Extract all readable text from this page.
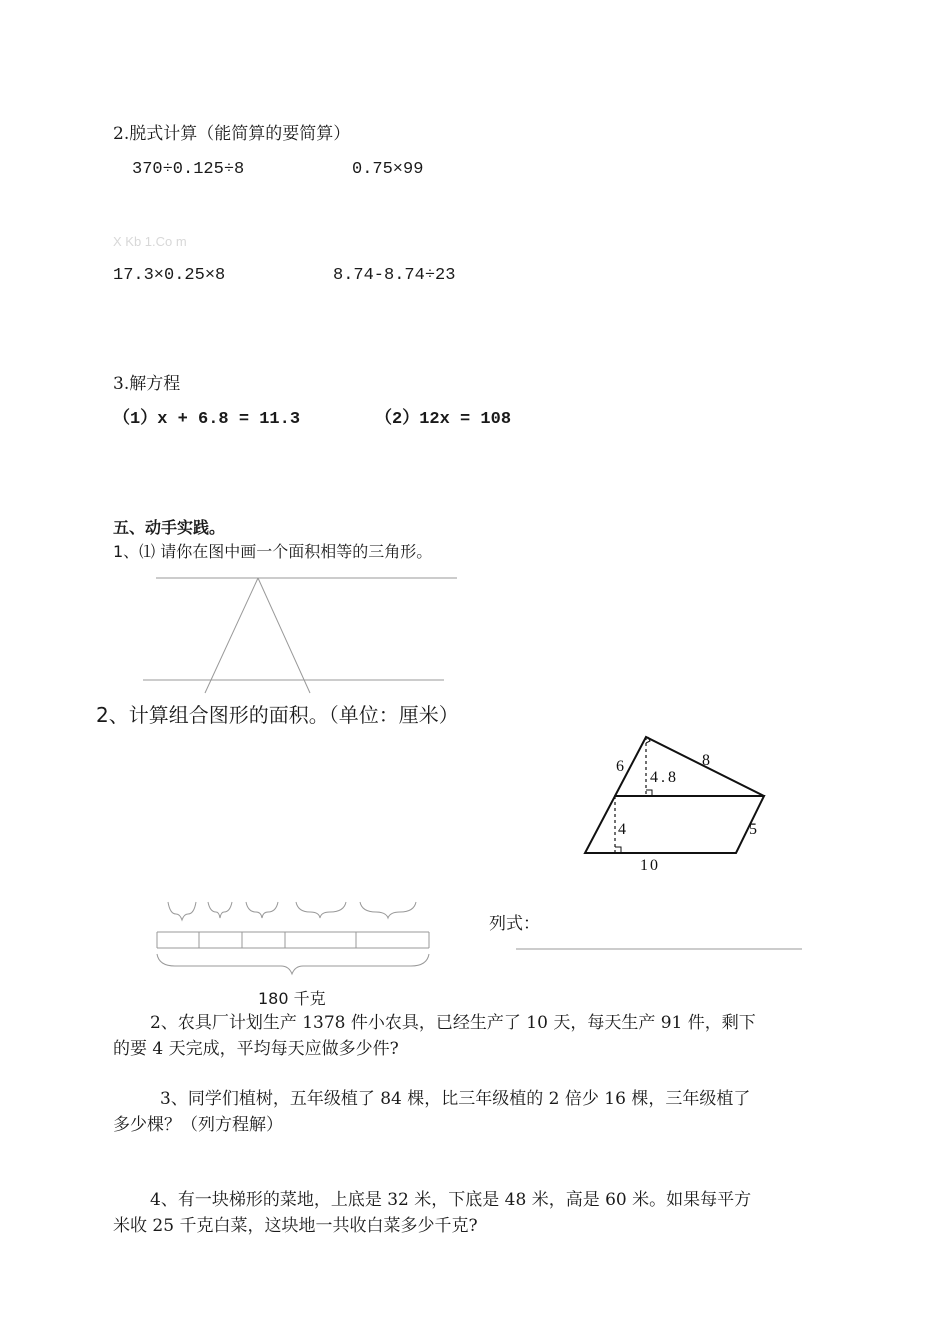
2.脱式计算（能简算的要简算）
370÷0.125÷8	0.75×99
X Kb 1.Co m
17.3×0.25×8	8.74-8.74÷23
3.解方程
（1）x + 6.8 = 11.3	（2）12x = 108
五、动手实践。
1、⑴ 请你在图中画一个面积相等的三角形。
6	8
4.8
4	5
10
2、计算组合图形的面积。（单位：厘米）
列式：
180 千克
2、农具厂计划生产 1378 件小农具，已经生产了 10 天，每天生产 91 件，剩下
的要 4 天完成，平均每天应做多少件?
3、同学们植树，五年级植了 84 棵，比三年级植的 2 倍少 16 棵，三年级植了
多少棵？（列方程解）
4、有一块梯形的菜地，上底是 32 米，下底是 48 米，高是 60 米。如果每平方
米收 25 千克白菜，这块地一共收白菜多少千克?
